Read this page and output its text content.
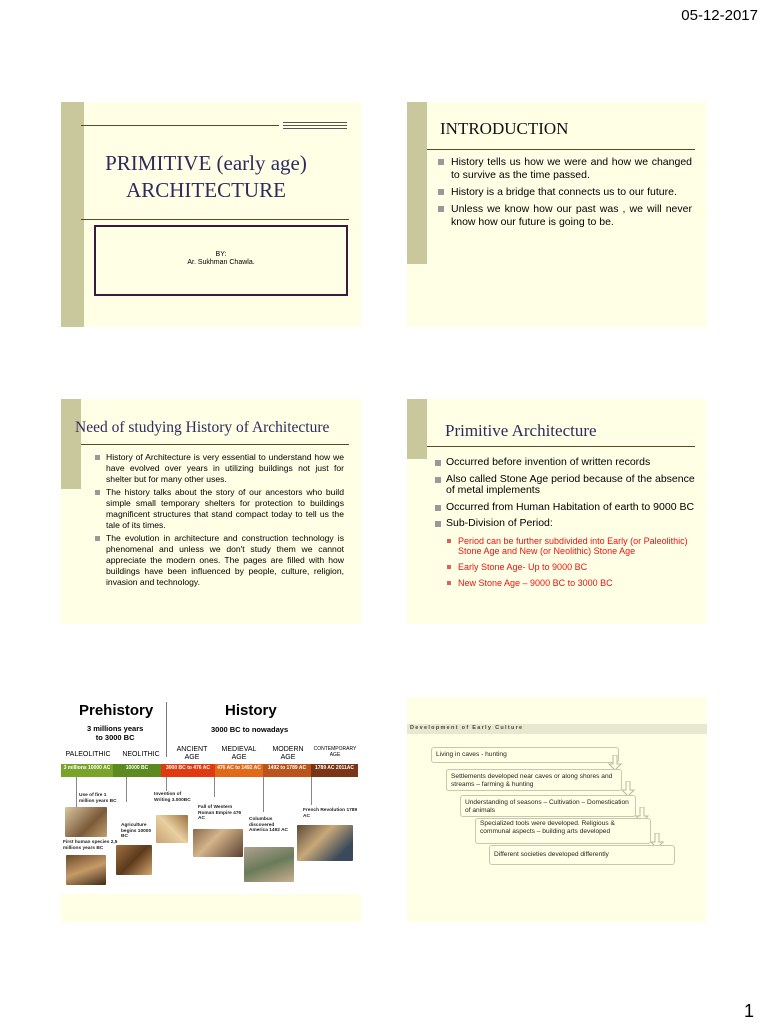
05-12-2017
PRIMITIVE (early age)
ARCHITECTURE
BY:
Ar. Sukhman Chawla.
INTRODUCTION
History tells us how we were and how we changed to survive as the time passed.
History is a bridge that connects us to our future.
Unless we know how our past was , we will never know how our future is going to be.
Need of studying History of Architecture
History of Architecture is very essential to understand how we have evolved over years in utilizing buildings not just for shelter but for many other uses.
The history talks about the story of our ancestors who build simple small temporary shelters for protection to buildings magnificent structures that stand compact today to tell us the tale of its times.
The evolution in architecture and construction technology is phenomenal and unless we don't study them we cannot appreciate the modern ones. The pages are filled with how buildings have been influenced by people, culture, religion, invasion and technology.
Primitive Architecture
Occurred before invention of written records
Also called Stone Age period because of the absence of metal implements
Occurred from Human Habitation of earth to 9000 BC
Sub-Division of Period:
Period can be further subdivided into Early (or Paleolithic) Stone Age and New (or Neolithic) Stone Age
Early Stone Age- Up to 9000 BC
New Stone Age – 9000 BC to 3000 BC
Prehistory
3 millions years
to 3000 BC
History
3000 BC to nowadays
PALEOLITHIC	NEOLITHIC
ANCIENT AGE
MEDIEVAL AGE
MODERN AGE
CONTEMPORARY AGE
3 millions 10000 AC	10000 BC	3000 BC to 476 AC	476 AC to 1492 AC	1492 to 1789 AC	1789 AC 2011AC
Use of fire 1 million years BC
First human species 2,5 millions years BC
Agriculture begins 10000 BC
Invention of Writing 3.000BC
Fall of Western Roman Empire 476 AC	Columbus discovered America 1492 AC
French Revolution 1789 AC
Development of Early Culture
Living in caves - hunting
Settlements developed near caves or along shores and streams – farming & hunting
Understanding of seasons – Cultivation – Domestication of animals
Specialized tools were developed. Religious & communal aspects – building arts developed
Different societies developed differently
1
